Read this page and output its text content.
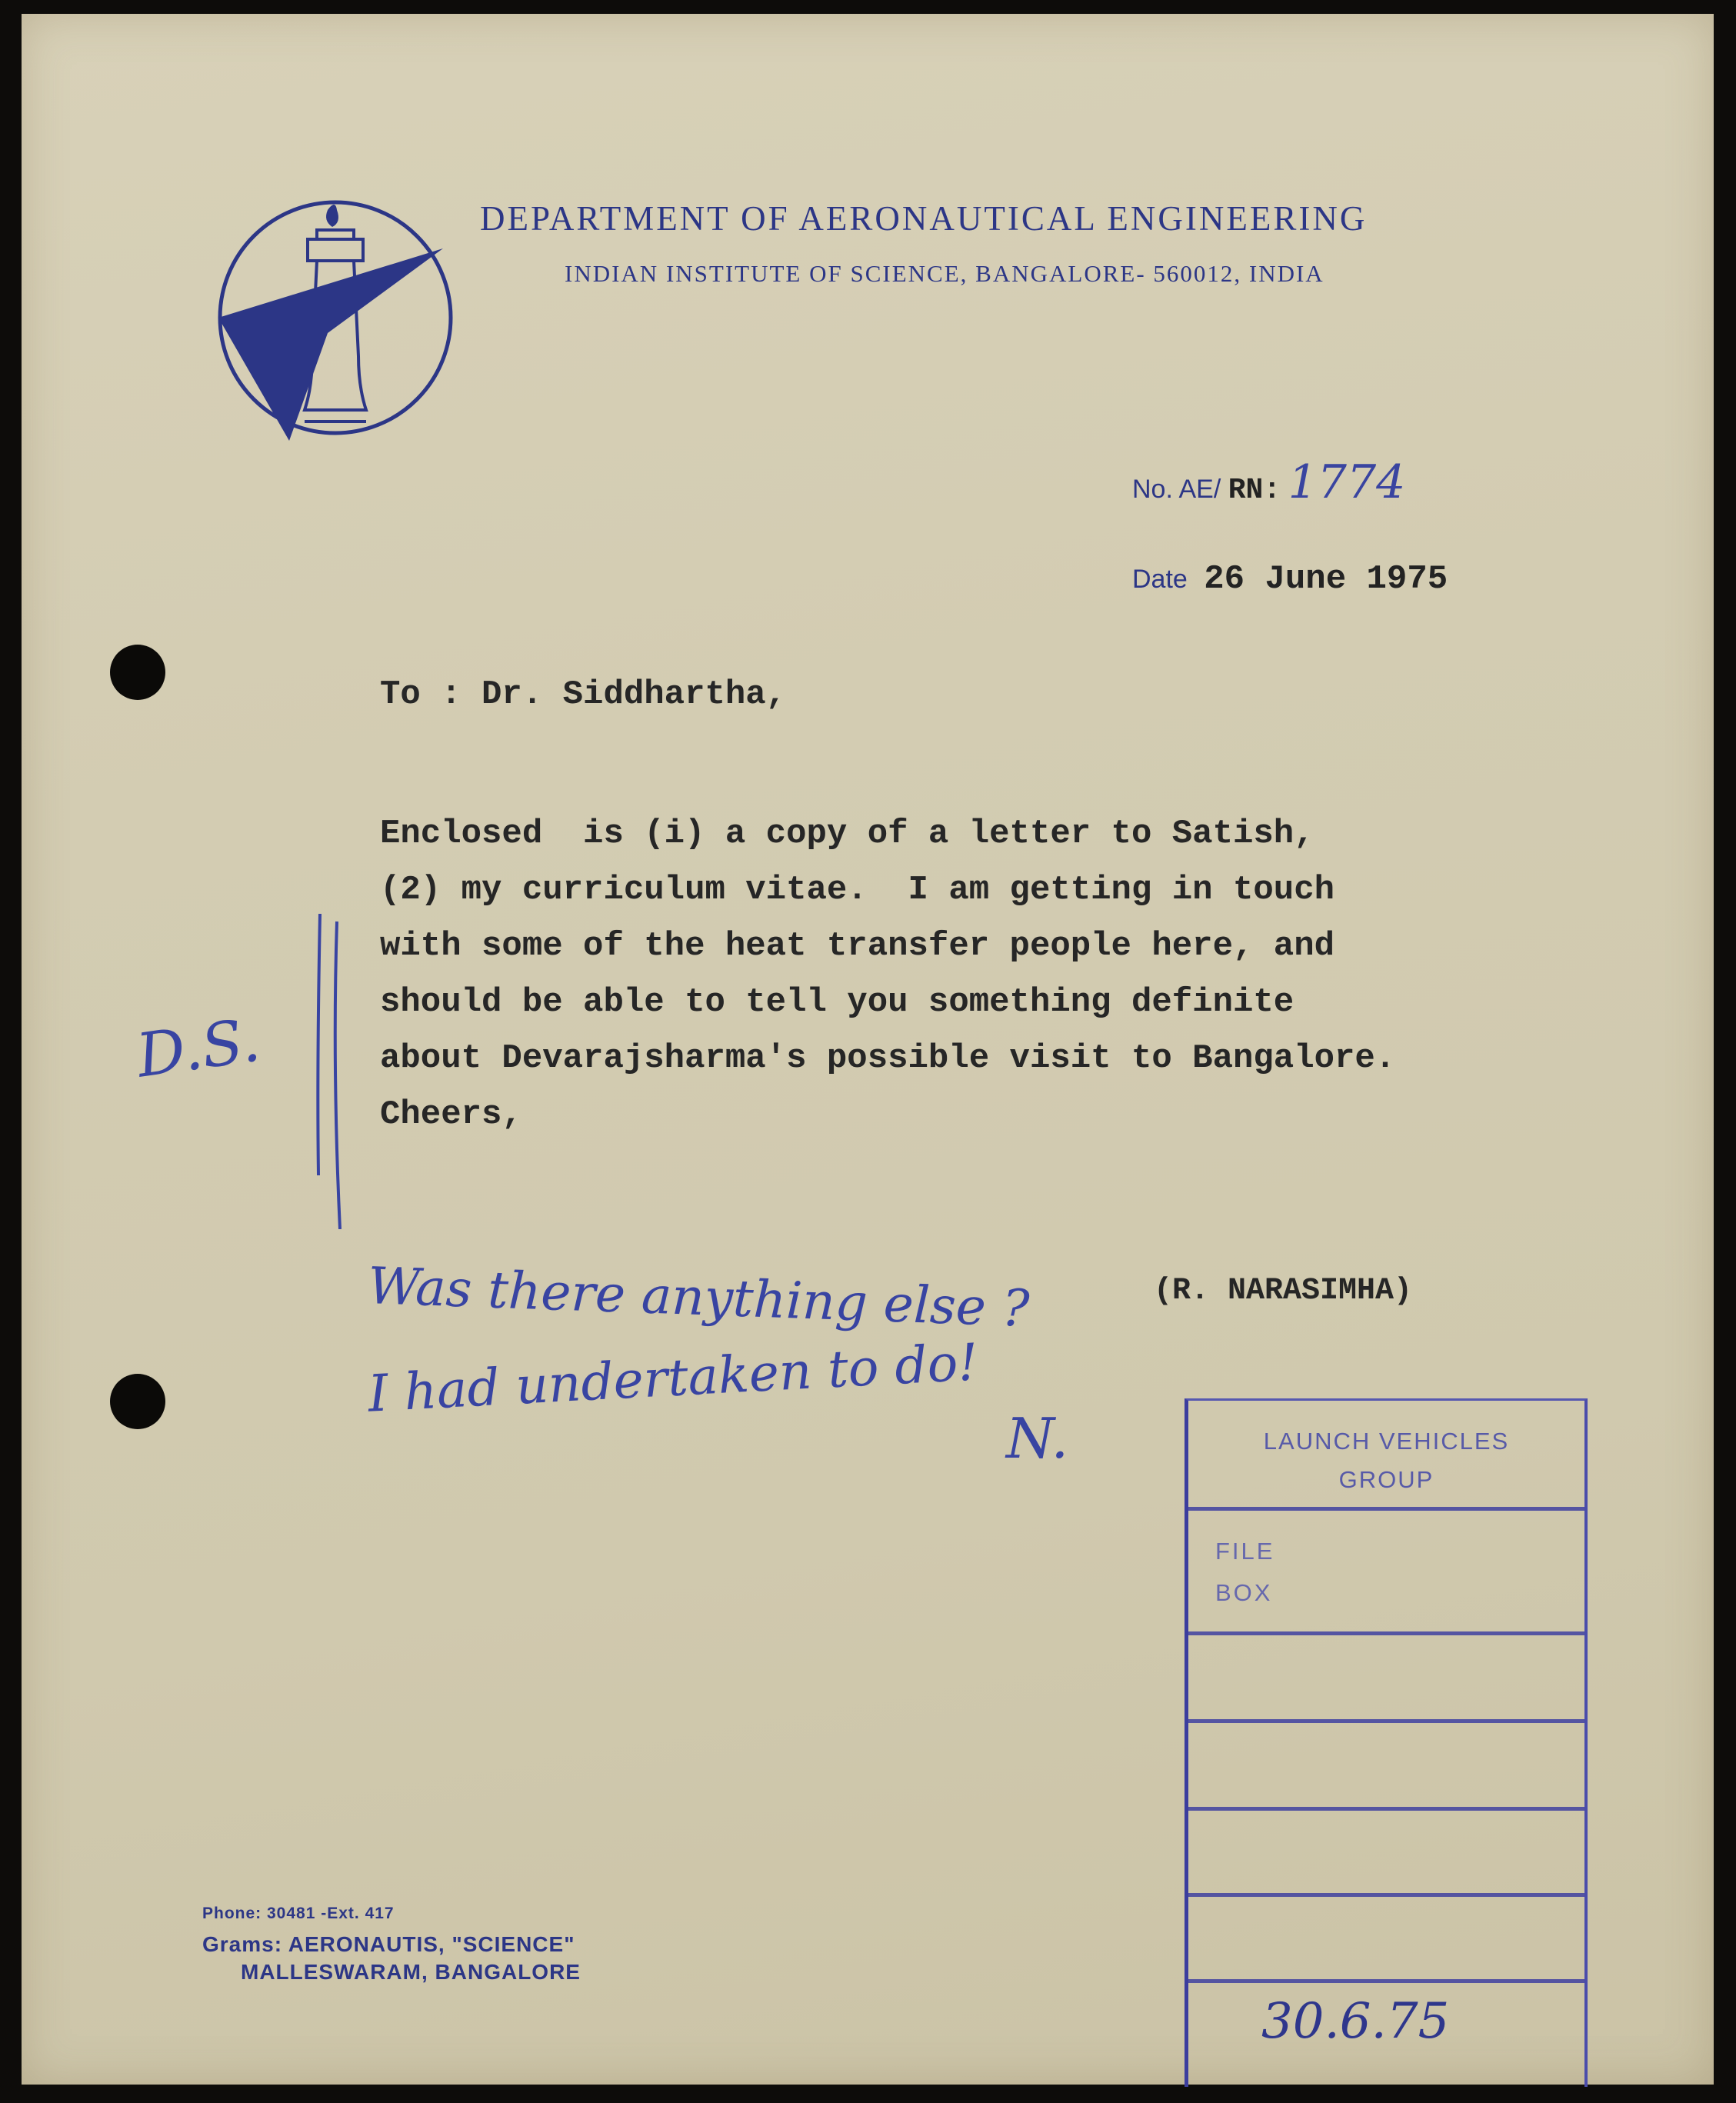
DEPARTMENT OF AERONAUTICAL ENGINEERING
INDIAN INSTITUTE OF SCIENCE, BANGALORE- 560012, INDIA
No. AE/ RN: 1774
Date 26 June 1975
To : Dr. Siddhartha,
Enclosed  is (i) a copy of a letter to Satish,
(2) my curriculum vitae.  I am getting in touch
with some of the heat transfer people here, and
should be able to tell you something definite
about Devarajsharma's possible visit to Bangalore.
Cheers,
D.S.
Was there anything else ?
I had undertaken to do!
N.
(R. NARASIMHA)
LAUNCH VEHICLES
GROUP
FILE
BOX
30.6.75
Phone: 30481 -Ext. 417
Grams: AERONAUTIS, "SCIENCE"
MALLESWARAM, BANGALORE
